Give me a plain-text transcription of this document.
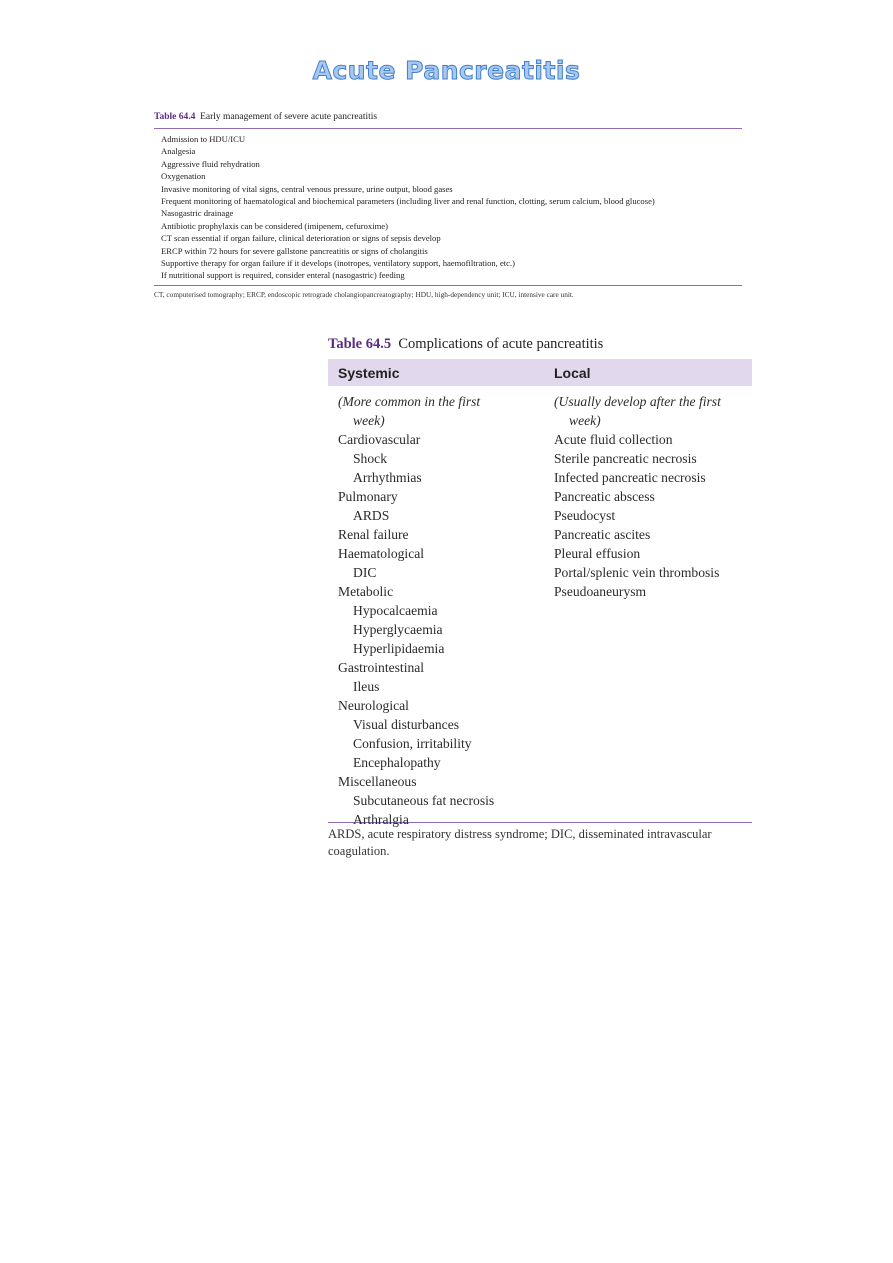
Acute Pancreatitis
Table 64.4 Early management of severe acute pancreatitis
Admission to HDU/ICU
Analgesia
Aggressive fluid rehydration
Oxygenation
Invasive monitoring of vital signs, central venous pressure, urine output, blood gases
Frequent monitoring of haematological and biochemical parameters (including liver and renal function, clotting, serum calcium, blood glucose)
Nasogastric drainage
Antibiotic prophylaxis can be considered (imipenem, cefuroxime)
CT scan essential if organ failure, clinical deterioration or signs of sepsis develop
ERCP within 72 hours for severe gallstone pancreatitis or signs of cholangitis
Supportive therapy for organ failure if it develops (inotropes, ventilatory support, haemofiltration, etc.)
If nutritional support is required, consider enteral (nasogastric) feeding
CT, computerised tomography; ERCP, endoscopic retrograde cholangiopancreatography; HDU, high-dependency unit; ICU, intensive care unit.
Table 64.5 Complications of acute pancreatitis
Systemic	Local
(More common in the first
week)
Cardiovascular
Shock
Arrhythmias
Pulmonary
ARDS
Renal failure
Haematological
DIC
Metabolic
Hypocalcaemia
Hyperglycaemia
Hyperlipidaemia
Gastrointestinal
Ileus
Neurological
Visual disturbances
Confusion, irritability
Encephalopathy
Miscellaneous
Subcutaneous fat necrosis
Arthralgia
(Usually develop after the first
week)
Acute fluid collection
Sterile pancreatic necrosis
Infected pancreatic necrosis
Pancreatic abscess
Pseudocyst
Pancreatic ascites
Pleural effusion
Portal/splenic vein thrombosis
Pseudoaneurysm
ARDS, acute respiratory distress syndrome; DIC, disseminated intravascular coagulation.
